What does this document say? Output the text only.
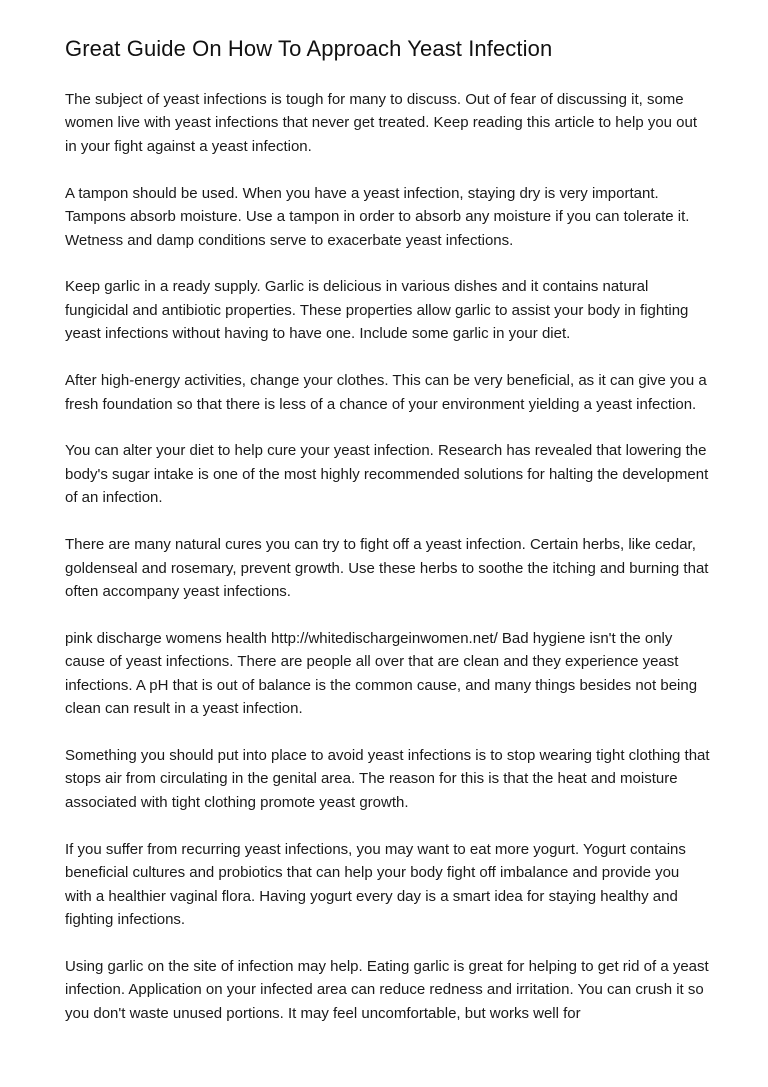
Great Guide On How To Approach Yeast Infection

The subject of yeast infections is tough for many to discuss. Out of fear of discussing it, some women live with yeast infections that never get treated. Keep reading this article to help you out in your fight against a yeast infection.

A tampon should be used. When you have a yeast infection, staying dry is very important. Tampons absorb moisture. Use a tampon in order to absorb any moisture if you can tolerate it. Wetness and damp conditions serve to exacerbate yeast infections.

Keep garlic in a ready supply. Garlic is delicious in various dishes and it contains natural fungicidal and antibiotic properties. These properties allow garlic to assist your body in fighting yeast infections without having to have one. Include some garlic in your diet.

After high-energy activities, change your clothes. This can be very beneficial, as it can give you a fresh foundation so that there is less of a chance of your environment yielding a yeast infection.

You can alter your diet to help cure your yeast infection. Research has revealed that lowering the body's sugar intake is one of the most highly recommended solutions for halting the development of an infection.

There are many natural cures you can try to fight off a yeast infection. Certain herbs, like cedar, goldenseal and rosemary, prevent growth. Use these herbs to soothe the itching and burning that often accompany yeast infections.

pink discharge womens health http://whitedischargeinwomen.net/ Bad hygiene isn't the only cause of yeast infections. There are people all over that are clean and they experience yeast infections. A pH that is out of balance is the common cause, and many things besides not being clean can result in a yeast infection.

Something you should put into place to avoid yeast infections is to stop wearing tight clothing that stops air from circulating in the genital area. The reason for this is that the heat and moisture associated with tight clothing promote yeast growth.

If you suffer from recurring yeast infections, you may want to eat more yogurt. Yogurt contains beneficial cultures and probiotics that can help your body fight off imbalance and provide you with a healthier vaginal flora. Having yogurt every day is a smart idea for staying healthy and fighting infections.

Using garlic on the site of infection may help. Eating garlic is great for helping to get rid of a yeast infection. Application on your infected area can reduce redness and irritation. You can crush it so you don't waste unused portions. It may feel uncomfortable, but works well for
